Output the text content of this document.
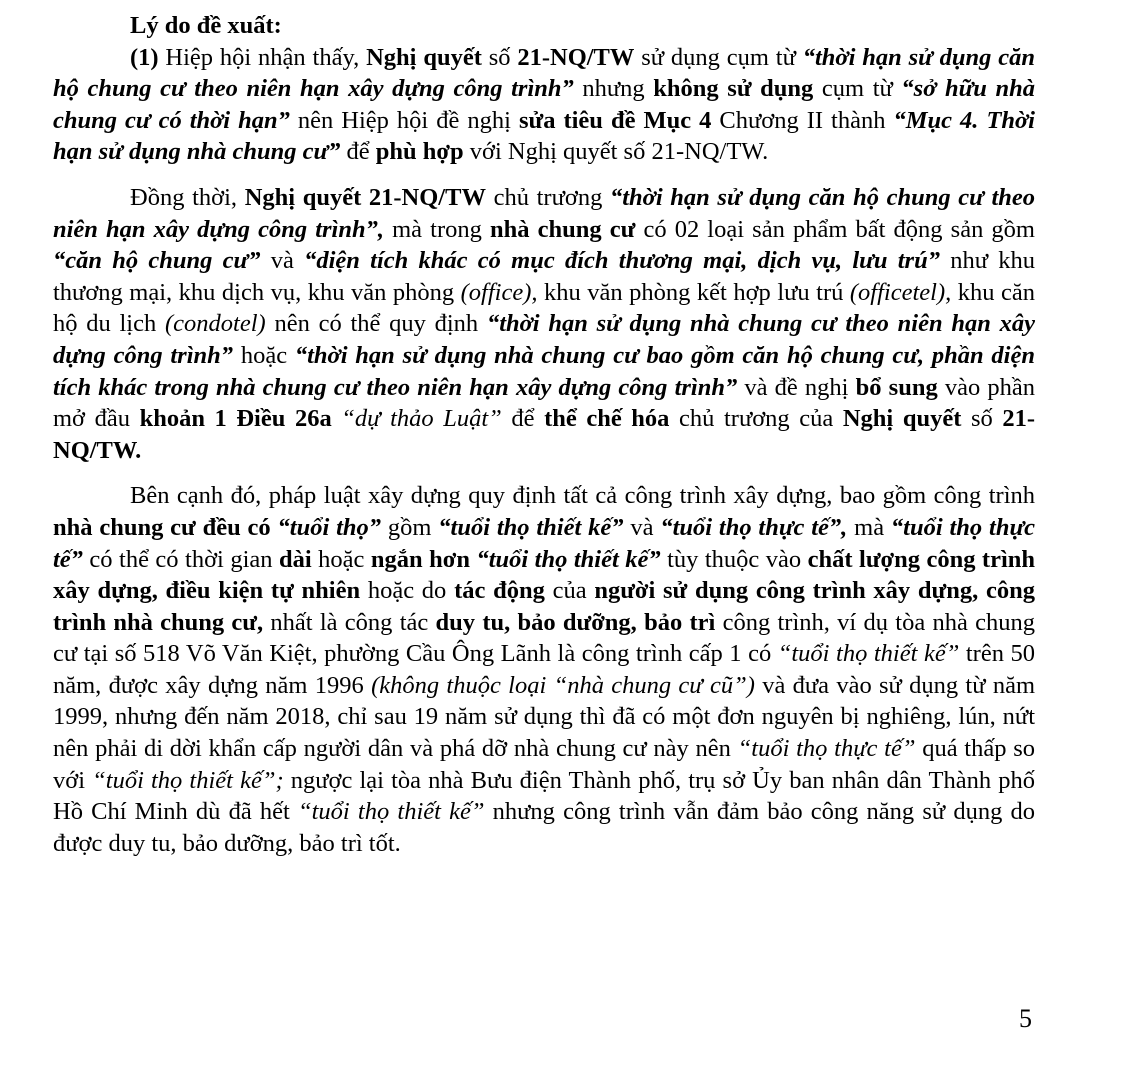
Lý do đề xuất:

(1) Hiệp hội nhận thấy, Nghị quyết số 21-NQ/TW sử dụng cụm từ “thời hạn sử dụng căn hộ chung cư theo niên hạn xây dựng công trình” nhưng không sử dụng cụm từ “sở hữu nhà chung cư có thời hạn” nên Hiệp hội đề nghị sửa tiêu đề Mục 4 Chương II thành “Mục 4. Thời hạn sử dụng nhà chung cư” để phù hợp với Nghị quyết số 21-NQ/TW.

Đồng thời, Nghị quyết 21-NQ/TW chủ trương “thời hạn sử dụng căn hộ chung cư theo niên hạn xây dựng công trình”, mà trong nhà chung cư có 02 loại sản phẩm bất động sản gồm “căn hộ chung cư” và “diện tích khác có mục đích thương mại, dịch vụ, lưu trú” như khu thương mại, khu dịch vụ, khu văn phòng (office), khu văn phòng kết hợp lưu trú (officetel), khu căn hộ du lịch (condotel) nên có thể quy định “thời hạn sử dụng nhà chung cư theo niên hạn xây dựng công trình” hoặc “thời hạn sử dụng nhà chung cư bao gồm căn hộ chung cư, phần diện tích khác trong nhà chung cư theo niên hạn xây dựng công trình” và đề nghị bổ sung vào phần mở đầu khoản 1 Điều 26a “dự thảo Luật” để thể chế hóa chủ trương của Nghị quyết số 21-NQ/TW.

Bên cạnh đó, pháp luật xây dựng quy định tất cả công trình xây dựng, bao gồm công trình nhà chung cư đều có “tuổi thọ” gồm “tuổi thọ thiết kế” và “tuổi thọ thực tế”, mà “tuổi thọ thực tế” có thể có thời gian dài hoặc ngắn hơn “tuổi thọ thiết kế” tùy thuộc vào chất lượng công trình xây dựng, điều kiện tự nhiên hoặc do tác động của người sử dụng công trình xây dựng, công trình nhà chung cư, nhất là công tác duy tu, bảo dưỡng, bảo trì công trình, ví dụ tòa nhà chung cư tại số 518 Võ Văn Kiệt, phường Cầu Ông Lãnh là công trình cấp 1 có “tuổi thọ thiết kế” trên 50 năm, được xây dựng năm 1996 (không thuộc loại “nhà chung cư cũ”) và đưa vào sử dụng từ năm 1999, nhưng đến năm 2018, chỉ sau 19 năm sử dụng thì đã có một đơn nguyên bị nghiêng, lún, nứt nên phải di dời khẩn cấp người dân và phá dỡ nhà chung cư này nên “tuổi thọ thực tế” quá thấp so với “tuổi thọ thiết kế”; ngược lại tòa nhà Bưu điện Thành phố, trụ sở Ủy ban nhân dân Thành phố Hồ Chí Minh dù đã hết “tuổi thọ thiết kế” nhưng công trình vẫn đảm bảo công năng sử dụng do được duy tu, bảo dưỡng, bảo trì tốt.

5
